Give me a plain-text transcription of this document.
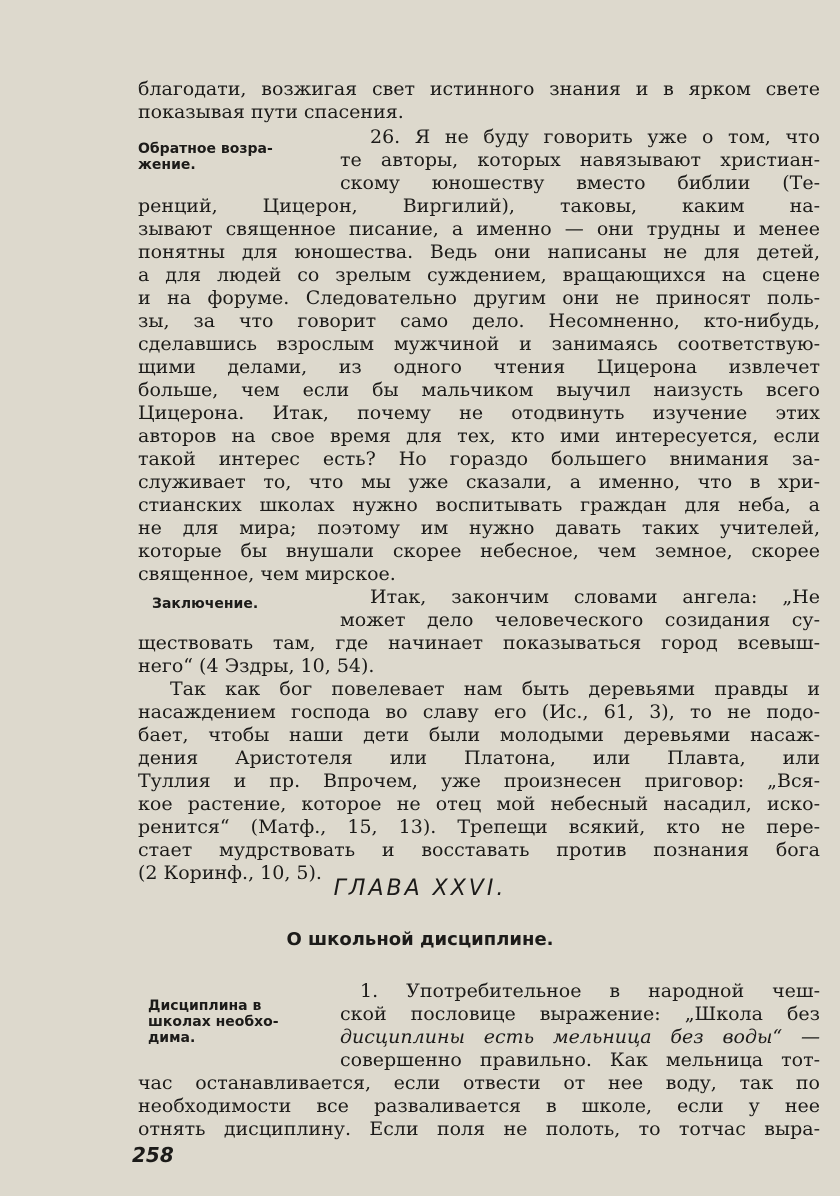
благодати, возжигая свет истинного знания и в ярком свете
показывая пути спасения.
Обратное возра-
жение.
26. Я не буду говорить уже о том, что
те авторы, которых навязывают христиан-
скому юношеству вместо библии (Те-
ренций, Цицерон, Виргилий), таковы, каким на-
зывают священное писание, а именно — они трудны и менее
понятны для юношества. Ведь они написаны не для детей,
а для людей со зрелым суждением, вращающихся на сцене
и на форуме. Следовательно другим они не приносят поль-
зы, за что говорит само дело. Несомненно, кто-нибудь,
сделавшись взрослым мужчиной и занимаясь соответствую-
щими делами, из одного чтения Цицерона извлечет
больше, чем если бы мальчиком выучил наизусть всего
Цицерона. Итак, почему не отодвинуть изучение этих
авторов на свое время для тех, кто ими интересуется, если
такой интерес есть? Но гораздо большего внимания за-
служивает то, что мы уже сказали, а именно, что в хри-
стианских школах нужно воспитывать граждан для неба, а
не для мира; поэтому им нужно давать таких учителей,
которые бы внушали скорее небесное, чем земное, скорее
священное, чем мирское.
Заключение.	Итак, закончим словами ангела: „Не
может дело человеческого созидания су-
ществовать там, где начинает показываться город всевыш-
него“ (4 Эздры, 10, 54).
Так как бог повелевает нам быть деревьями правды и
насаждением господа во славу его (Ис., 61, 3), то не подо-
бает, чтобы наши дети были молодыми деревьями насаж-
дения Аристотеля или Платона, или Плавта, или
Туллия и пр. Впрочем, уже произнесен приговор: „Вся-
кое растение, которое не отец мой небесный насадил, иско-
ренится“ (Матф., 15, 13). Трепещи всякий, кто не пере-
стает мудрствовать и восставать против познания бога
(2 Коринф., 10, 5).
ГЛАВА XXVI.
О школьной дисциплине.
Дисциплина в
школах необхо-
дима.
1. Употребительное в народной чеш-
ской пословице выражение: „Школа без
дисциплины есть мельница без воды“ —
совершенно правильно. Как мельница тот-
час останавливается, если отвести от нее воду, так по
необходимости все разваливается в школе, если у нее
отнять дисциплину. Если поля не полоть, то тотчас выра-
258
